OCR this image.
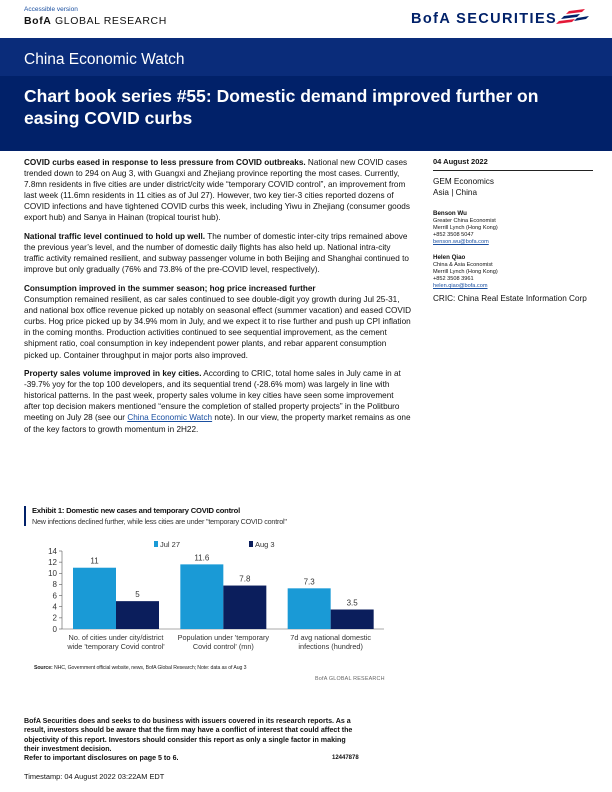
Accessible version
BofA GLOBAL RESEARCH	BofA SECURITIES
China Economic Watch
Chart book series #55: Domestic demand improved further on easing COVID curbs

COVID curbs eased in response to less pressure from COVID outbreaks. National new COVID cases trended down to 294 on Aug 3, with Guangxi and Zhejiang province reporting the most cases. Currently, 7.8mn residents in five cities are under district/city wide “temporary COVID control”, an improvement from last week (11.6mn residents in 11 cities as of Jul 27). However, two key tier-3 cities reported dozens of COVID infections and have tightened COVID curbs this week, including Yiwu in Zhejiang (consumer goods export hub) and Sanya in Hainan (tropical tourist hub).

National traffic level continued to hold up well. The number of domestic inter-city trips remained above the previous year’s level, and the number of domestic daily flights has also held up. National intra-city traffic activity remained resilient, and subway passenger volume in both Beijing and Shanghai continued to improve but only gradually (76% and 73.8% of the pre-COVID level, respectively).

Consumption improved in the summer season; hog price increased further
Consumption remained resilient, as car sales continued to see double-digit yoy growth during Jul 25-31, and national box office revenue picked up notably on seasonal effect (summer vacation) and eased COVID curbs. Hog price picked up by 34.9% mom in July, and we expect it to rise further and push up CPI inflation in the coming months. Production activities continued to see sequential improvement, as the cement shipment ratio, coal consumption in key independent power plants, and rebar apparent consumption picked up. Container throughput in major ports also improved.

Property sales volume improved in key cities. According to CRIC, total home sales in July came in at -39.7% yoy for the top 100 developers, and its sequential trend (-28.6% mom) was largely in line with historical patterns. In the past week, property sales volume in key cities have seen some improvement after top decision makers mentioned “ensure the completion of stalled property projects” in the Politburo meeting on July 28 (see our China Economic Watch note). In our view, the property market remains as one of the key factors to growth momentum in 2H22.

04 August 2022
GEM Economics
Asia | China
Benson Wu
Greater China Economist
Merrill Lynch (Hong Kong)
+852 3508 5047
benson.wu@bofa.com
Helen Qiao
China & Asia Economist
Merrill Lynch (Hong Kong)
+852 3508 3961
helen.qiao@bofa.com
CRIC: China Real Estate Information Corp
Exhibit 1: Domestic new cases and temporary COVID control
New infections declined further, while less cities are under "temporary COVID control"
0
2
4
6
8
10
12
14
Jul 27	Aug 3
11
5
No. of cities under city/district
wide 'temporary Covid control'
11.6
7.8
Population under 'temporary
Covid control' (mn)
7.3
3.5
7d avg national domestic
infections (hundred)
Source: NHC, Government official website, news, BofA Global Research; Note: data as of Aug 3
BofA GLOBAL RESEARCH
BofA Securities does and seeks to do business with issuers covered in its research reports. As a result, investors should be aware that the firm may have a conflict of interest that could affect the objectivity of this report. Investors should consider this report as only a single factor in making their investment decision.
Refer to important disclosures on page 5 to 6.	12447878
Timestamp: 04 August 2022 03:22AM EDT
